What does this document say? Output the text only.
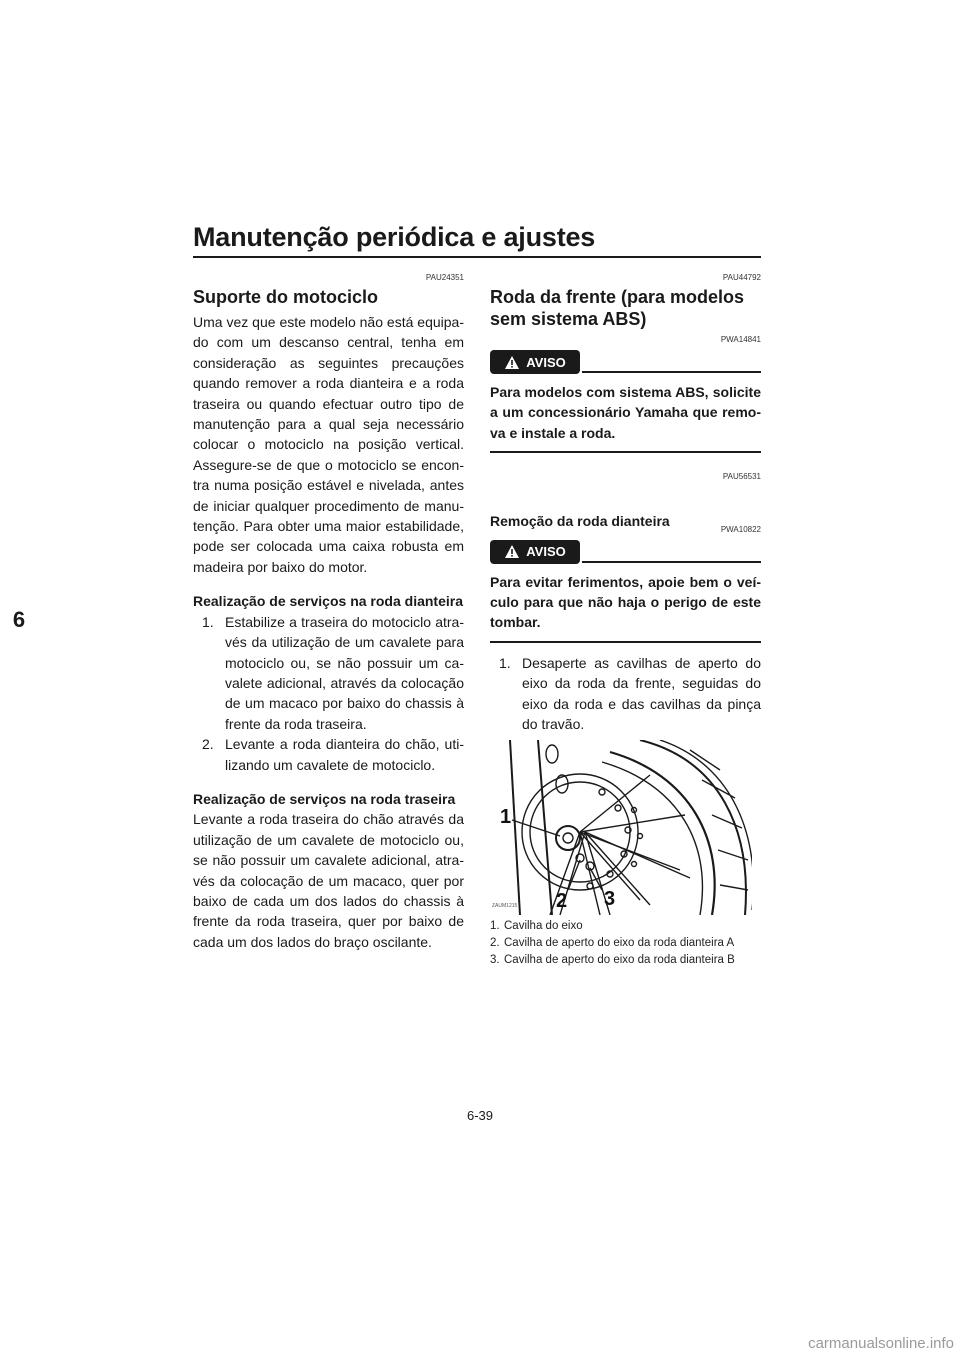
Manutenção periódica e ajustes
6

PAU24351

Suporte do motociclo

Uma vez que este modelo não está equipa-do com um descanso central, tenha em consideração as seguintes precauções quando remover a roda dianteira e a roda traseira ou quando efectuar outro tipo de manutenção para a qual seja necessário colocar o motociclo na posição vertical. Assegure-se de que o motociclo se encon-tra numa posição estável e nivelada, antes de iniciar qualquer procedimento de manu-tenção. Para obter uma maior estabilidade, pode ser colocada uma caixa robusta em madeira por baixo do motor.

Realização de serviços na roda dianteira
1. Estabilize a traseira do motociclo atra-vés da utilização de um cavalete para motociclo ou, se não possuir um ca-valete adicional, através da colocação de um macaco por baixo do chassis à frente da roda traseira.
2. Levante a roda dianteira do chão, uti-lizando um cavalete de motociclo.
Realização de serviços na roda traseira

Levante a roda traseira do chão através da utilização de um cavalete de motociclo ou, se não possuir um cavalete adicional, atra-vés da colocação de um macaco, quer por baixo de cada um dos lados do chassis à frente da roda traseira, quer por baixo de cada um dos lados do braço oscilante.

PAU44792

Roda da frente (para modelos sem sistema ABS)

PWA14841

AVISO

Para modelos com sistema ABS, solicite a um concessionário Yamaha que remo-va e instale a roda.

PAU56531

Remoção da roda dianteira	PWA10822

AVISO

Para evitar ferimentos, apoie bem o veí-culo para que não haja o perigo de este tombar.

1. Desaperte as cavilhas de aperto do eixo da roda da frente, seguidas do eixo da roda e das cavilhas da pinça do travão.
1
2 3
ZAUM1215
1. Cavilha do eixo
2. Cavilha de aperto do eixo da roda dianteira A
3. Cavilha de aperto do eixo da roda dianteira B
6-39
carmanualsonline.info
